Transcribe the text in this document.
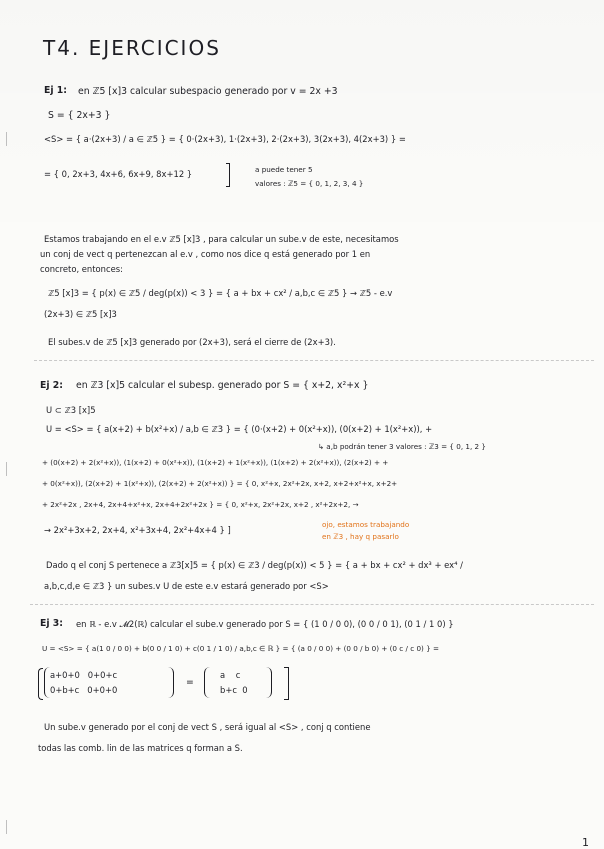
T4. EJERCICIOS
Ej 1: en ℤ5 [x]3 calcular subespacio generado por v = 2x +3
S = { 2x+3 }
<S> = { a·(2x+3) / a ∈ ℤ5 } = { 0·(2x+3), 1·(2x+3), 2·(2x+3), 3(2x+3), 4(2x+3) } =
= { 0, 2x+3, 4x+6, 6x+9, 8x+12 }	a puede tener 5
valores : ℤ5 = { 0, 1, 2, 3, 4 }
Estamos trabajando en el e.v ℤ5 [x]3 , para calcular un sube.v de este, necesitamos
un conj de vect q pertenezcan al e.v , como nos dice q está generado por 1 en
concreto, entonces:
ℤ5 [x]3 = { p(x) ∈ ℤ5 / deg(p(x)) < 3 } = { a + bx + cx² / a,b,c ∈ ℤ5 } → ℤ5 - e.v
(2x+3) ∈ ℤ5 [x]3
El subes.v de ℤ5 [x]3 generado por (2x+3), será el cierre de (2x+3).
Ej 2: en ℤ3 [x]5 calcular el subesp. generado por S = { x+2, x²+x }
U ⊂ ℤ3 [x]5
U = <S> = { a(x+2) + b(x²+x) / a,b ∈ ℤ3 } = { (0·(x+2) + 0(x²+x)), (0(x+2) + 1(x²+x)), +
↳ a,b podrán tener 3 valores : ℤ3 = { 0, 1, 2 }
+ (0(x+2) + 2(x²+x)), (1(x+2) + 0(x²+x)), (1(x+2) + 1(x²+x)), (1(x+2) + 2(x²+x)), (2(x+2) + +
+ 0(x²+x)), (2(x+2) + 1(x²+x)), (2(x+2) + 2(x²+x)) } = { 0, x²+x, 2x²+2x, x+2, x+2+x²+x, x+2+
+ 2x²+2x , 2x+4, 2x+4+x²+x, 2x+4+2x²+2x } = { 0, x²+x, 2x²+2x, x+2 , x²+2x+2, →
→ 2x²+3x+2, 2x+4, x²+3x+4, 2x²+4x+4 } ]
ojo, estamos trabajando
en ℤ3 , hay q pasarlo
Dado q el conj S pertenece a ℤ3[x]5 = { p(x) ∈ ℤ3 / deg(p(x)) < 5 } = { a + bx + cx² + dx³ + ex⁴ /
a,b,c,d,e ∈ ℤ3 } un subes.v U de este e.v estará generado por <S>
Ej 3: en ℝ - e.v 𝓜2(ℝ) calcular el sube.v generado por S = { (1 0 / 0 0), (0 0 / 0 1), (0 1 / 1 0) }
U = <S> = { a(1 0 / 0 0) + b(0 0 / 1 0) + c(0 1 / 1 0) / a,b,c ∈ ℝ } = { (a 0 / 0 0) + (0 0 / b 0) + (0 c / c 0) } =
a+0+0   0+0+c
0+b+c   0+0+0
=
a    c
b+c  0
Un sube.v generado por el conj de vect S , será igual al <S> , conj q contiene
todas las comb. lin de las matrices q forman a S.
1
